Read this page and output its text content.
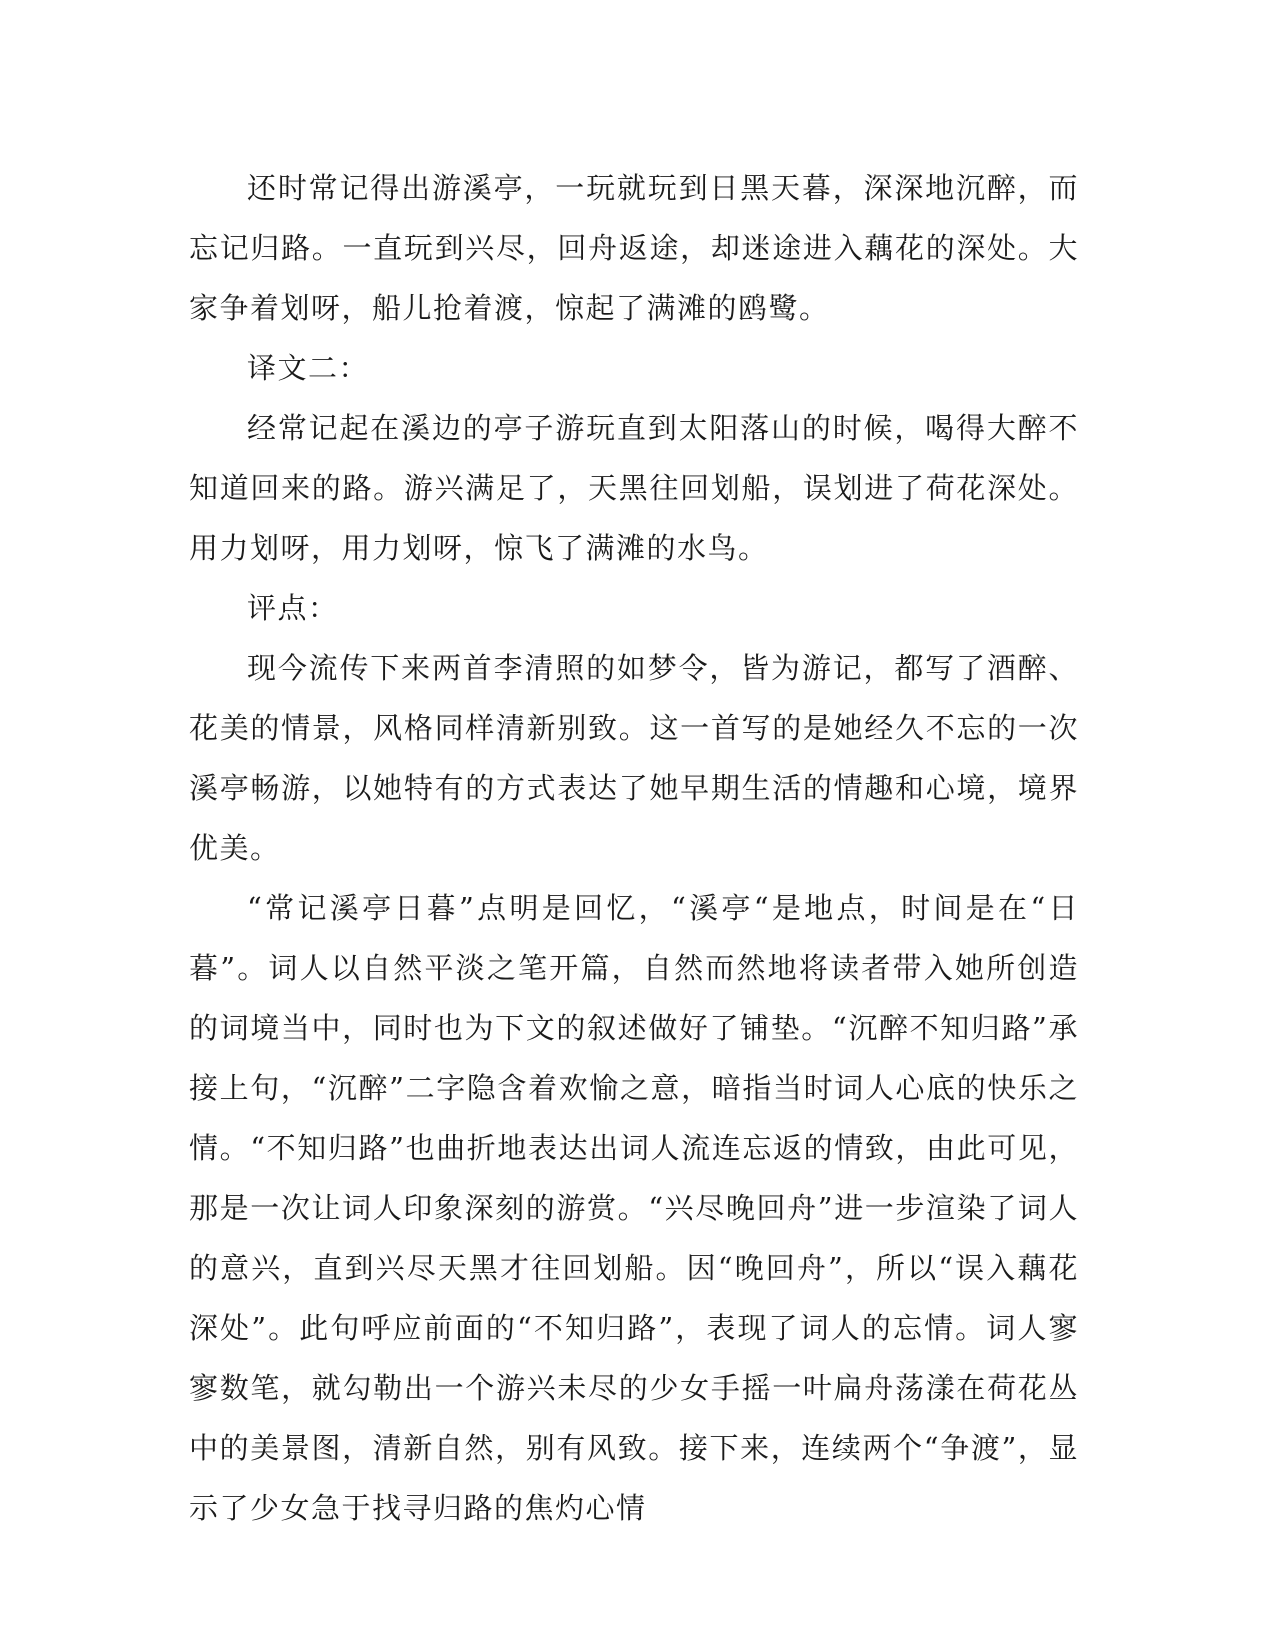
还时常记得出游溪亭，一玩就玩到日黑天暮，深深地沉醉，而忘记归路。一直玩到兴尽，回舟返途，却迷途进入藕花的深处。大家争着划呀，船儿抢着渡，惊起了满滩的鸥鹭。

译文二：

经常记起在溪边的亭子游玩直到太阳落山的时候，喝得大醉不知道回来的路。游兴满足了，天黑往回划船，误划进了荷花深处。用力划呀，用力划呀，惊飞了满滩的水鸟。

评点：

现今流传下来两首李清照的如梦令，皆为游记，都写了酒醉、花美的情景，风格同样清新别致。这一首写的是她经久不忘的一次溪亭畅游，以她特有的方式表达了她早期生活的情趣和心境，境界优美。

“常记溪亭日暮”点明是回忆，“溪亭“是地点，时间是在“日暮”。词人以自然平淡之笔开篇，自然而然地将读者带入她所创造的词境当中，同时也为下文的叙述做好了铺垫。“沉醉不知归路”承接上句，“沉醉”二字隐含着欢愉之意，暗指当时词人心底的快乐之情。“不知归路”也曲折地表达出词人流连忘返的情致，由此可见，那是一次让词人印象深刻的游赏。“兴尽晚回舟”进一步渲染了词人的意兴，直到兴尽天黑才往回划船。因“晚回舟”，所以“误入藕花深处”。此句呼应前面的“不知归路”，表现了词人的忘情。词人寥寥数笔，就勾勒出一个游兴未尽的少女手摇一叶扁舟荡漾在荷花丛中的美景图，清新自然，别有风致。接下来，连续两个“争渡”，显示了少女急于找寻归路的焦灼心情
